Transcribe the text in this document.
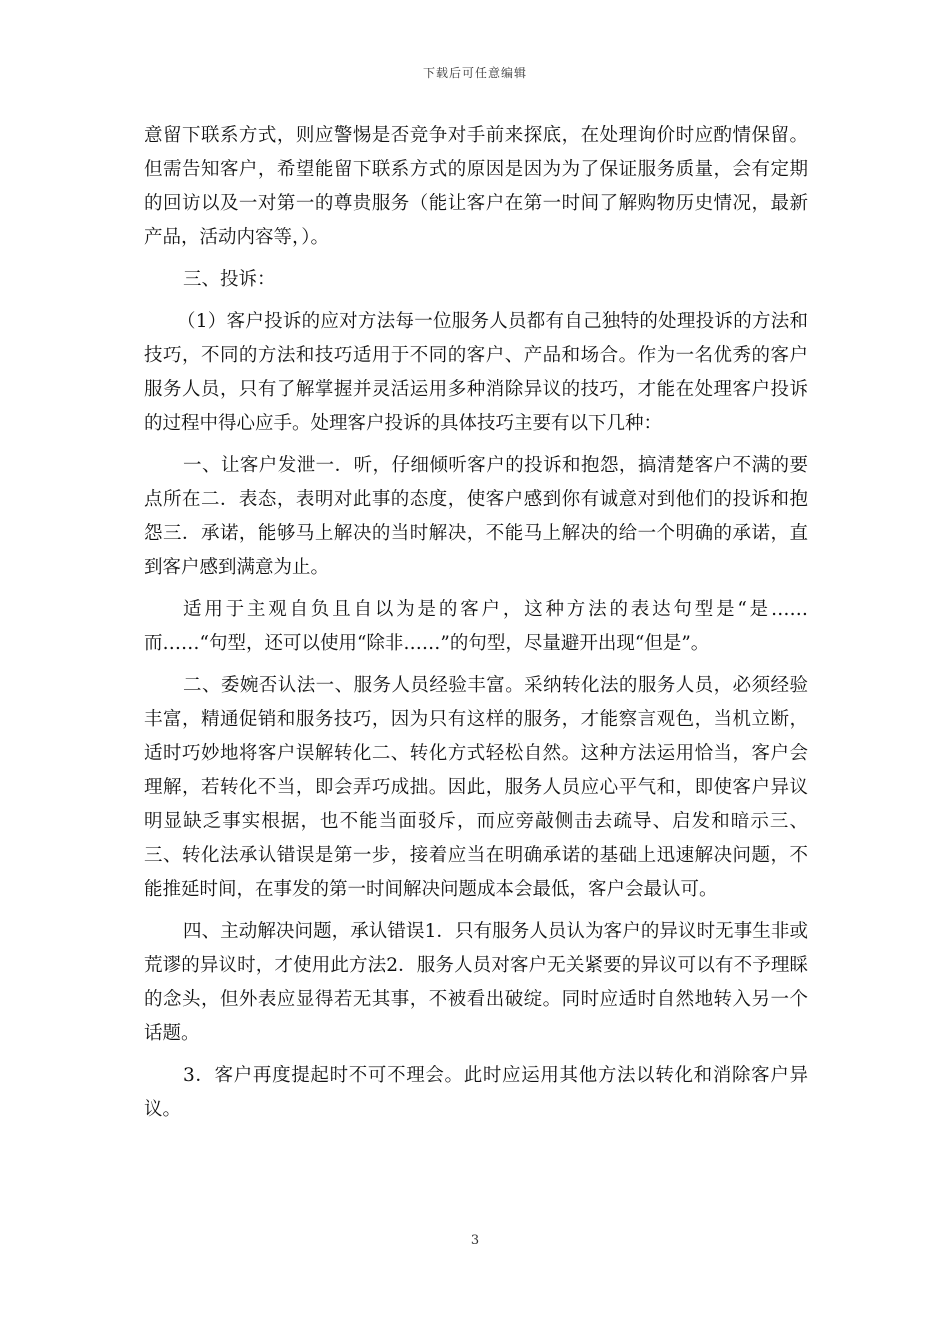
下载后可任意编辑

意留下联系方式，则应警惕是否竞争对手前来探底，在处理询价时应酌情保留。但需告知客户，希望能留下联系方式的原因是因为为了保证服务质量，会有定期的回访以及一对第一的尊贵服务（能让客户在第一时间了解购物历史情况，最新产品，活动内容等，）。

三、投诉：

（1）客户投诉的应对方法每一位服务人员都有自己独特的处理投诉的方法和技巧，不同的方法和技巧适用于不同的客户、产品和场合。作为一名优秀的客户服务人员，只有了解掌握并灵活运用多种消除异议的技巧，才能在处理客户投诉的过程中得心应手。处理客户投诉的具体技巧主要有以下几种：

一、让客户发泄一．听，仔细倾听客户的投诉和抱怨，搞清楚客户不满的要点所在二．表态，表明对此事的态度，使客户感到你有诚意对到他们的投诉和抱怨三．承诺，能够马上解决的当时解决，不能马上解决的给一个明确的承诺，直到客户感到满意为止。

适用于主观自负且自以为是的客户，这种方法的表达句型是“是……而……“句型，还可以使用“除非……”的句型，尽量避开出现“但是”。

二、委婉否认法一、服务人员经验丰富。采纳转化法的服务人员，必须经验丰富，精通促销和服务技巧，因为只有这样的服务，才能察言观色，当机立断，适时巧妙地将客户误解转化二、转化方式轻松自然。这种方法运用恰当，客户会理解，若转化不当，即会弄巧成拙。因此，服务人员应心平气和，即使客户异议明显缺乏事实根据，也不能当面驳斥，而应旁敲侧击去疏导、启发和暗示三、三、转化法承认错误是第一步，接着应当在明确承诺的基础上迅速解决问题，不能推延时间，在事发的第一时间解决问题成本会最低，客户会最认可。

四、主动解决问题，承认错误1．只有服务人员认为客户的异议时无事生非或荒谬的异议时，才使用此方法2．服务人员对客户无关紧要的异议可以有不予理睬的念头，但外表应显得若无其事，不被看出破绽。同时应适时自然地转入另一个话题。

3．客户再度提起时不可不理会。此时应运用其他方法以转化和消除客户异议。

3
